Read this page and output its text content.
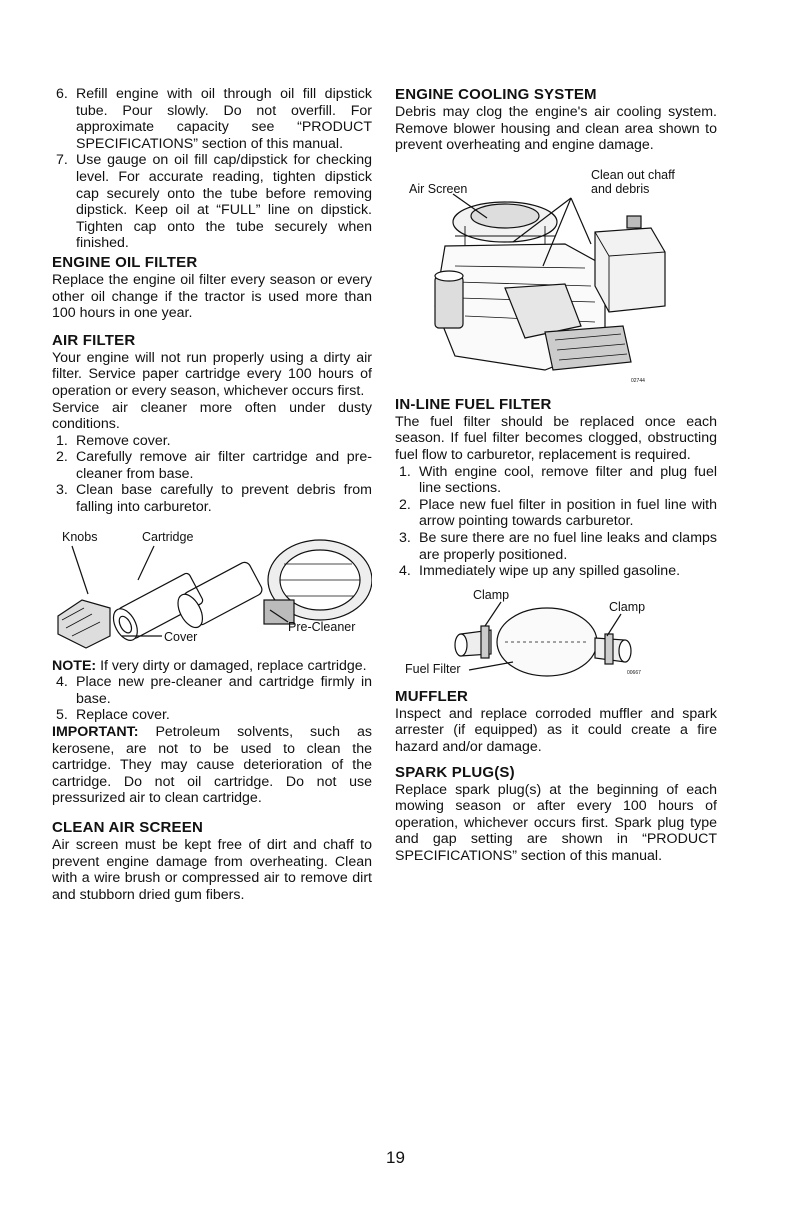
6. Refill engine with oil through oil fill dipstick tube. Pour slowly. Do not overfill. For approximate capacity see “PRODUCT SPECIFICATIONS” section of this manual.
7. Use gauge on oil fill cap/dipstick for checking level. For accurate reading, tighten dipstick cap securely onto the tube before removing dipstick. Keep oil at “FULL” line on dipstick. Tighten cap onto the tube securely when finished.
ENGINE OIL FILTER

Replace the engine oil filter every season or every other oil change if the tractor is used more than 100 hours in one year.

AIR FILTER

Your engine will not run properly using a dirty air filter. Service paper cartridge every 100 hours of operation or every season, whichever occurs first.

Service air cleaner more often under dusty conditions.

1. Remove cover.
2. Carefully remove air filter cartridge and pre-cleaner from base.
3. Clean base carefully to prevent debris from falling into carburetor.
Knobs	Cartridge
Pre-Cleaner
Cover

NOTE: If very dirty or damaged, replace cartridge.

4. Place new pre-cleaner and cartridge firmly in base.
5. Replace cover.

IMPORTANT: Petroleum solvents, such as kerosene, are not to be used to clean the cartridge. They may cause deterioration of the cartridge. Do not oil cartridge. Do not use pressurized air to clean cartridge.

CLEAN AIR SCREEN

Air screen must be kept free of dirt and chaff to prevent engine damage from overheating. Clean with a wire brush or compressed air to remove dirt and stubborn dried gum fibers.

ENGINE COOLING SYSTEM

Debris may clog the engine's air cooling system. Remove blower housing and clean area shown to prevent overheating and engine damage.

Air Screen
Clean out chaff
and debris
02744
IN-LINE FUEL FILTER

The fuel filter should be replaced once each season. If fuel filter becomes clogged, obstructing fuel flow to carburetor, replacement is required.

1. With engine cool, remove filter and plug fuel line sections.
2. Place new fuel filter in position in fuel line with arrow pointing towards carburetor.
3. Be sure there are no fuel line leaks and clamps are properly positioned.
4. Immediately wipe up any spilled gasoline.
Clamp
Clamp
Fuel Filter	00667
MUFFLER

Inspect and replace corroded muffler and spark arrester (if equipped) as it could create a fire hazard and/or damage.

SPARK PLUG(S)

Replace spark plug(s) at the beginning of each mowing season or after every 100 hours of operation, whichever occurs first. Spark plug type and gap setting are shown in “PRODUCT SPECIFICATIONS” section of this manual.

19
